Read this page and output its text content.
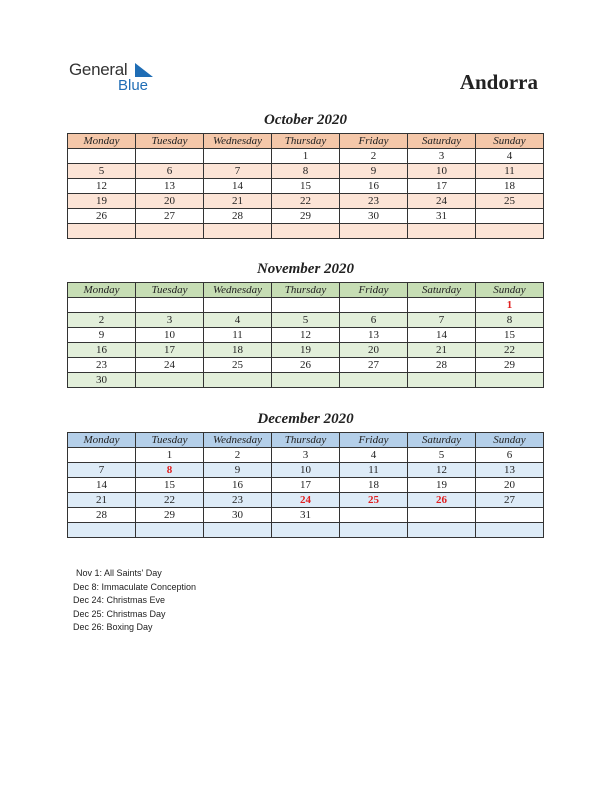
General
Blue	Andorra
October 2020
Monday	Tuesday	Wednesday	Thursday	Friday	Saturday	Sunday
			1	2	3	4
5	6	7	8	9	10	11
12	13	14	15	16	17	18
19	20	21	22	23	24	25
26	27	28	29	30	31	

November 2020
Monday	Tuesday	Wednesday	Thursday	Friday	Saturday	Sunday
						1
2	3	4	5	6	7	8
9	10	11	12	13	14	15
16	17	18	19	20	21	22
23	24	25	26	27	28	29
30						
December 2020
Monday	Tuesday	Wednesday	Thursday	Friday	Saturday	Sunday
	1	2	3	4	5	6
7	8	9	10	11	12	13
14	15	16	17	18	19	20
21	22	23	24	25	26	27
28	29	30	31			

Nov 1: All Saints' Day
Dec 8: Immaculate Conception
Dec 24: Christmas Eve
Dec 25: Christmas Day
Dec 26: Boxing Day
